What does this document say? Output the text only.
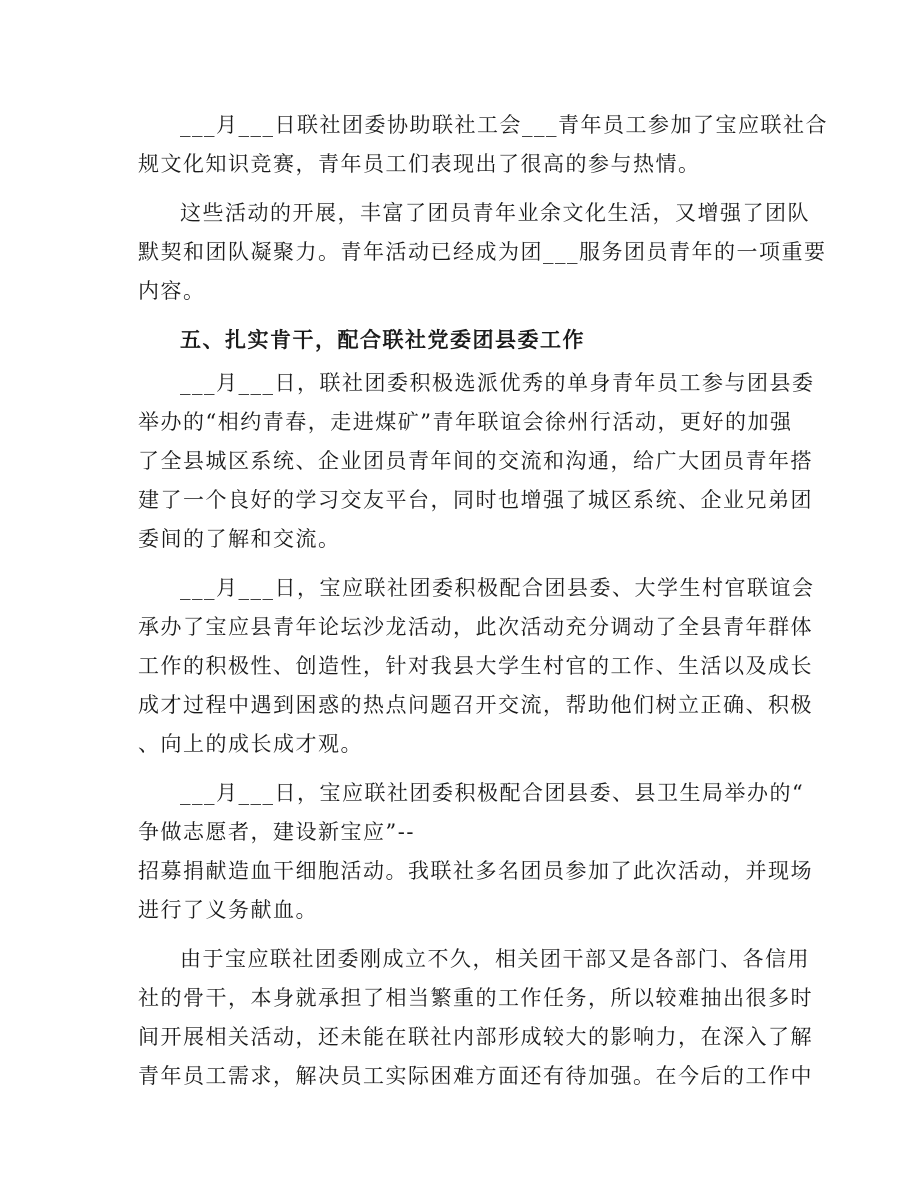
___月___日联社团委协助联社工会___青年员工参加了宝应联社合
规文化知识竞赛，青年员工们表现出了很高的参与热情。
这些活动的开展，丰富了团员青年业余文化生活，又增强了团队
默契和团队凝聚力。青年活动已经成为团___服务团员青年的一项重要
内容。
五、扎实肯干，配合联社党委团县委工作
___月___日，联社团委积极选派优秀的单身青年员工参与团县委
举办的“相约青春，走进煤矿”青年联谊会徐州行活动，更好的加强
了全县城区系统、企业团员青年间的交流和沟通，给广大团员青年搭
建了一个良好的学习交友平台，同时也增强了城区系统、企业兄弟团
委间的了解和交流。
___月___日，宝应联社团委积极配合团县委、大学生村官联谊会
承办了宝应县青年论坛沙龙活动，此次活动充分调动了全县青年群体
工作的积极性、创造性，针对我县大学生村官的工作、生活以及成长
成才过程中遇到困惑的热点问题召开交流，帮助他们树立正确、积极
、向上的成长成才观。
___月___日，宝应联社团委积极配合团县委、县卫生局举办的“
争做志愿者，建设新宝应”--
招募捐献造血干细胞活动。我联社多名团员参加了此次活动，并现场
进行了义务献血。
由于宝应联社团委刚成立不久，相关团干部又是各部门、各信用
社的骨干，本身就承担了相当繁重的工作任务，所以较难抽出很多时
间开展相关活动，还未能在联社内部形成较大的影响力，在深入了解
青年员工需求，解决员工实际困难方面还有待加强。在今后的工作中
